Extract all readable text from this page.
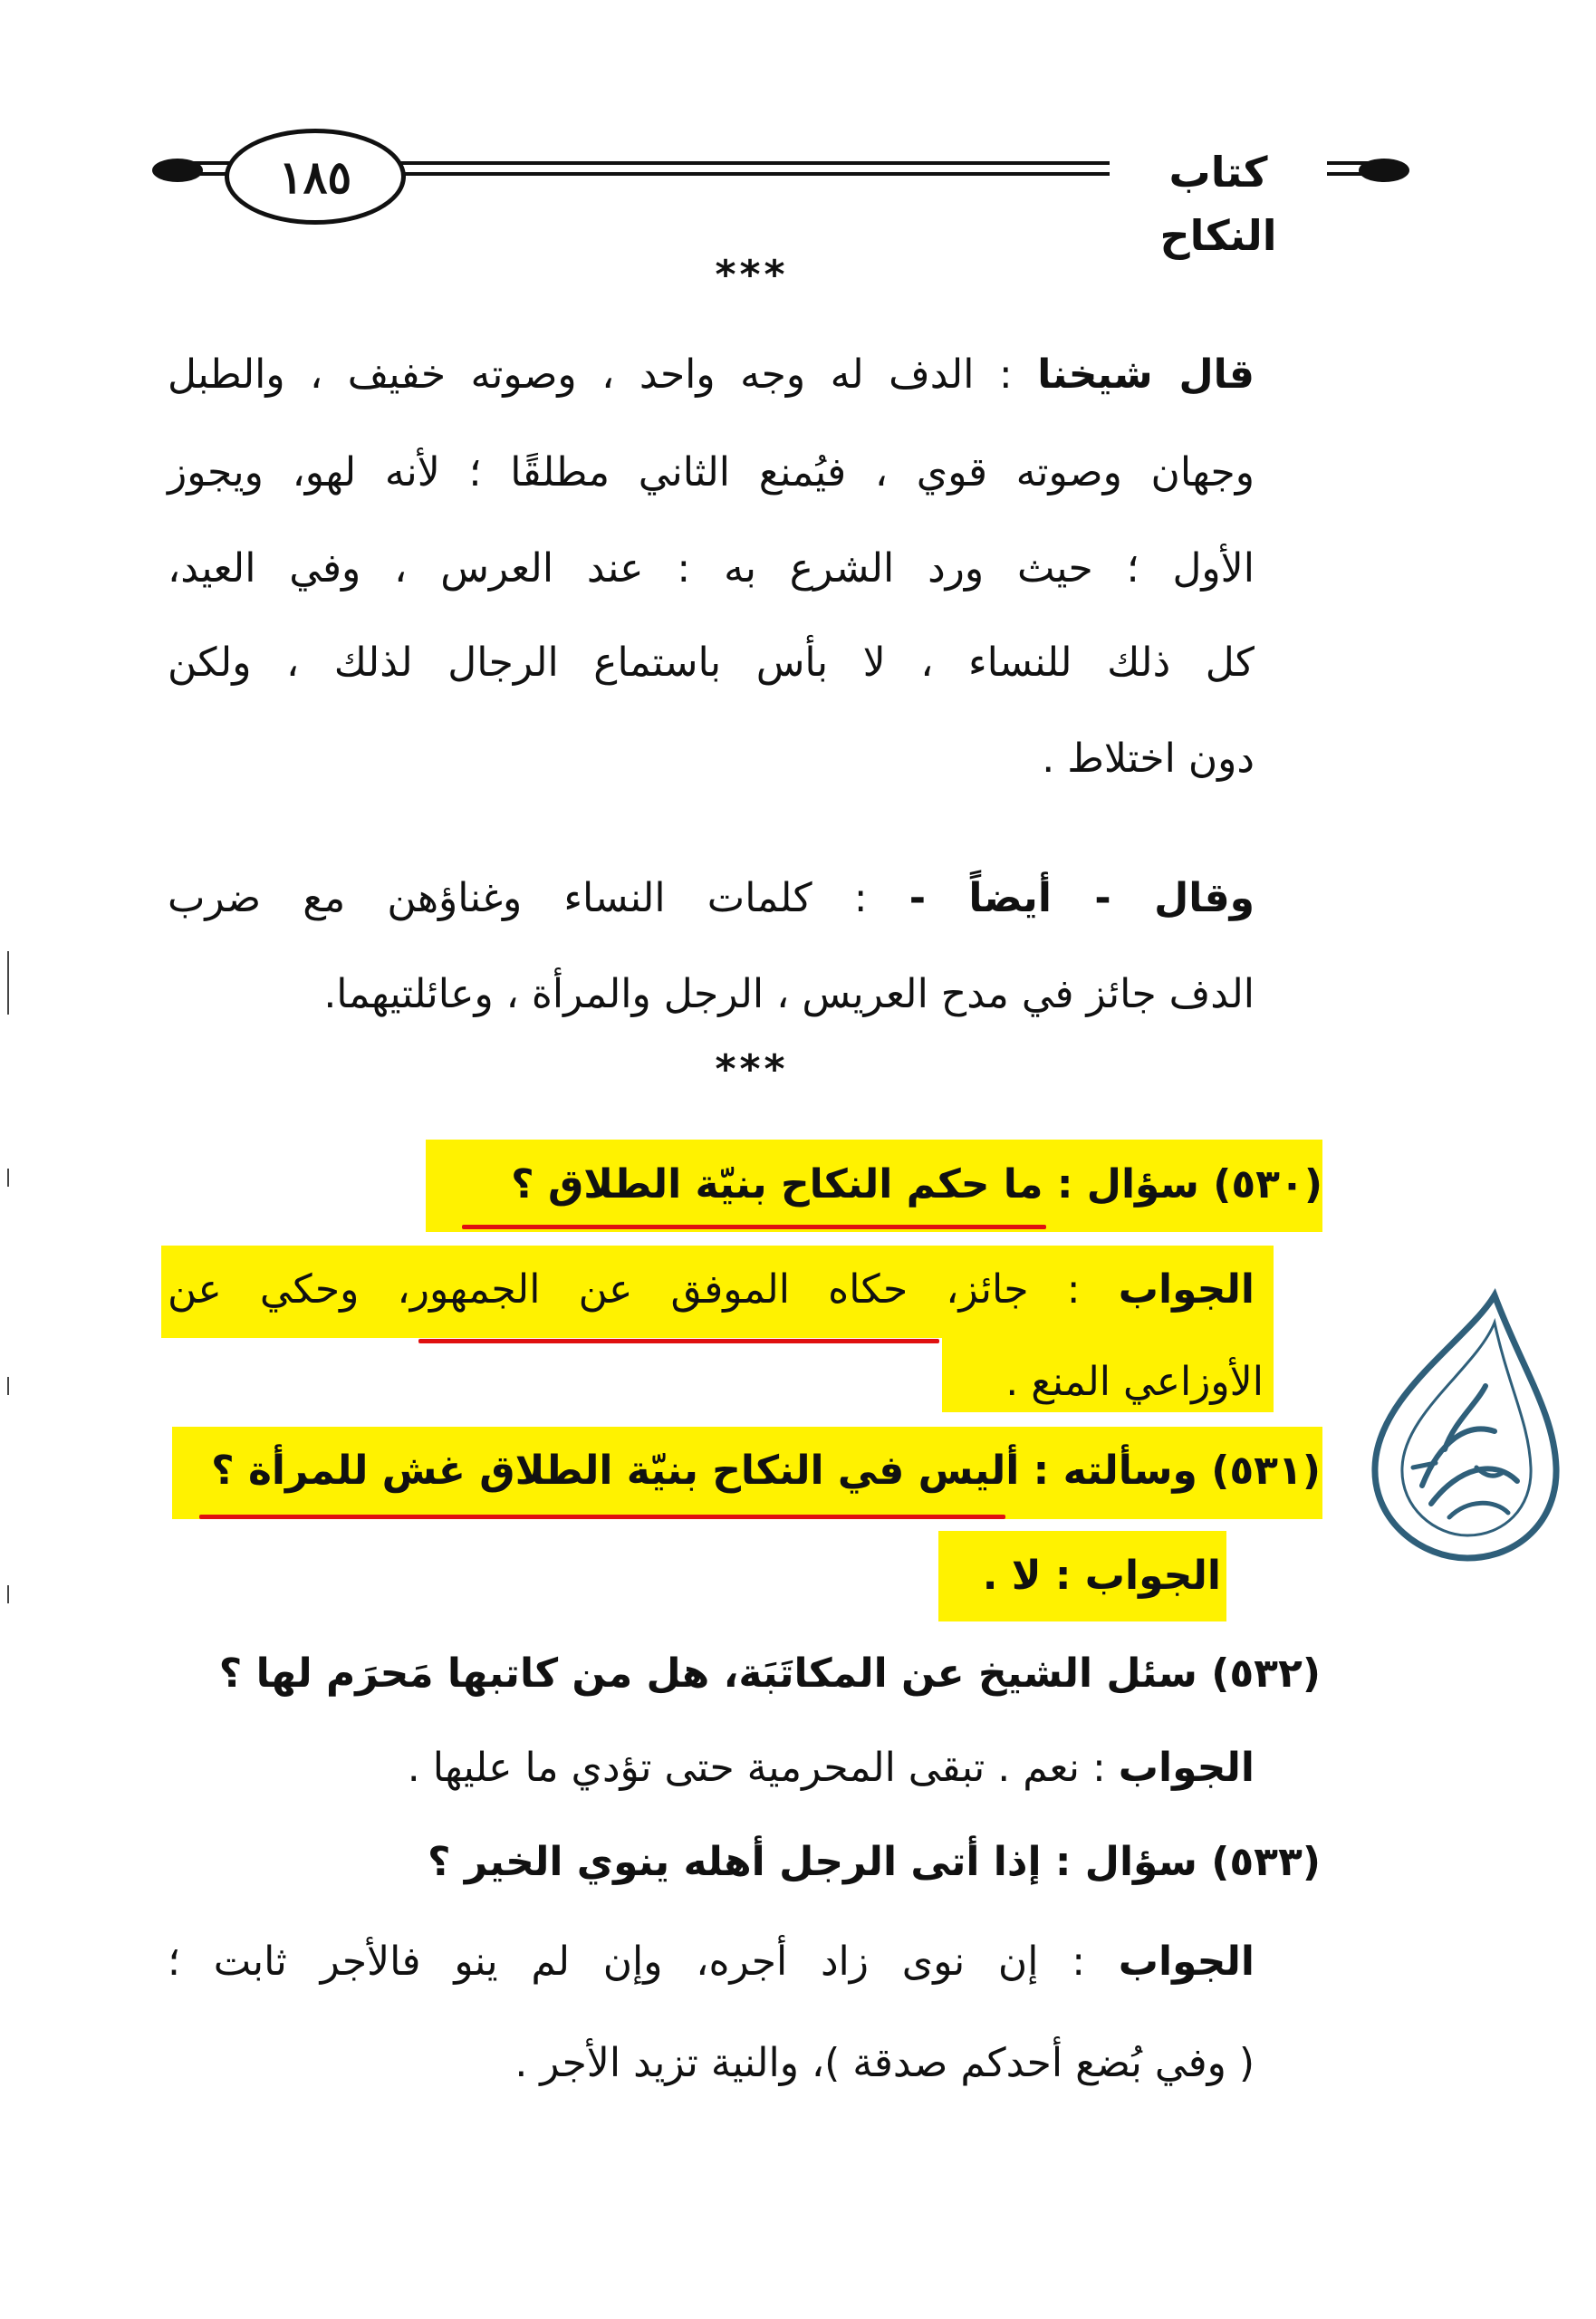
١٨٥	كتاب النكاح
***
قال شيخنا : الدف له وجه واحد ، وصوته خفيف ، والطبل
وجهان وصوته قوي ، فيُمنع الثاني مطلقًا ؛ لأنه لهو، ويجوز
الأول ؛ حيث ورد الشرع به : عند العرس ، وفي العيد،
كل ذلك للنساء ، لا بأس باستماع الرجال لذلك ، ولكن
دون اختلاط .
وقال - أيضاً - : كلمات النساء وغناؤهن مع ضرب
الدف جائز في مدح العريس ، الرجل والمرأة ، وعائلتيهما.
***
(٥٣٠) سؤال : ما حكم النكاح بنيّة الطلاق ؟
الجواب : جائز، حكاه الموفق عن الجمهور، وحكي عن
الأوزاعي المنع .
(٥٣١) وسألته : أليس في النكاح بنيّة الطلاق غش للمرأة ؟
الجواب : لا .
(٥٣٢) سئل الشيخ عن المكاتَبَة، هل من كاتبها مَحرَم لها ؟
الجواب : نعم . تبقى المحرمية حتى تؤدي ما عليها .
(٥٣٣) سؤال : إذا أتى الرجل أهله ينوي الخير ؟
الجواب : إن نوى زاد أجره، وإن لم ينو فالأجر ثابت ؛
( وفي بُضع أحدكم صدقة )، والنية تزيد الأجر .
